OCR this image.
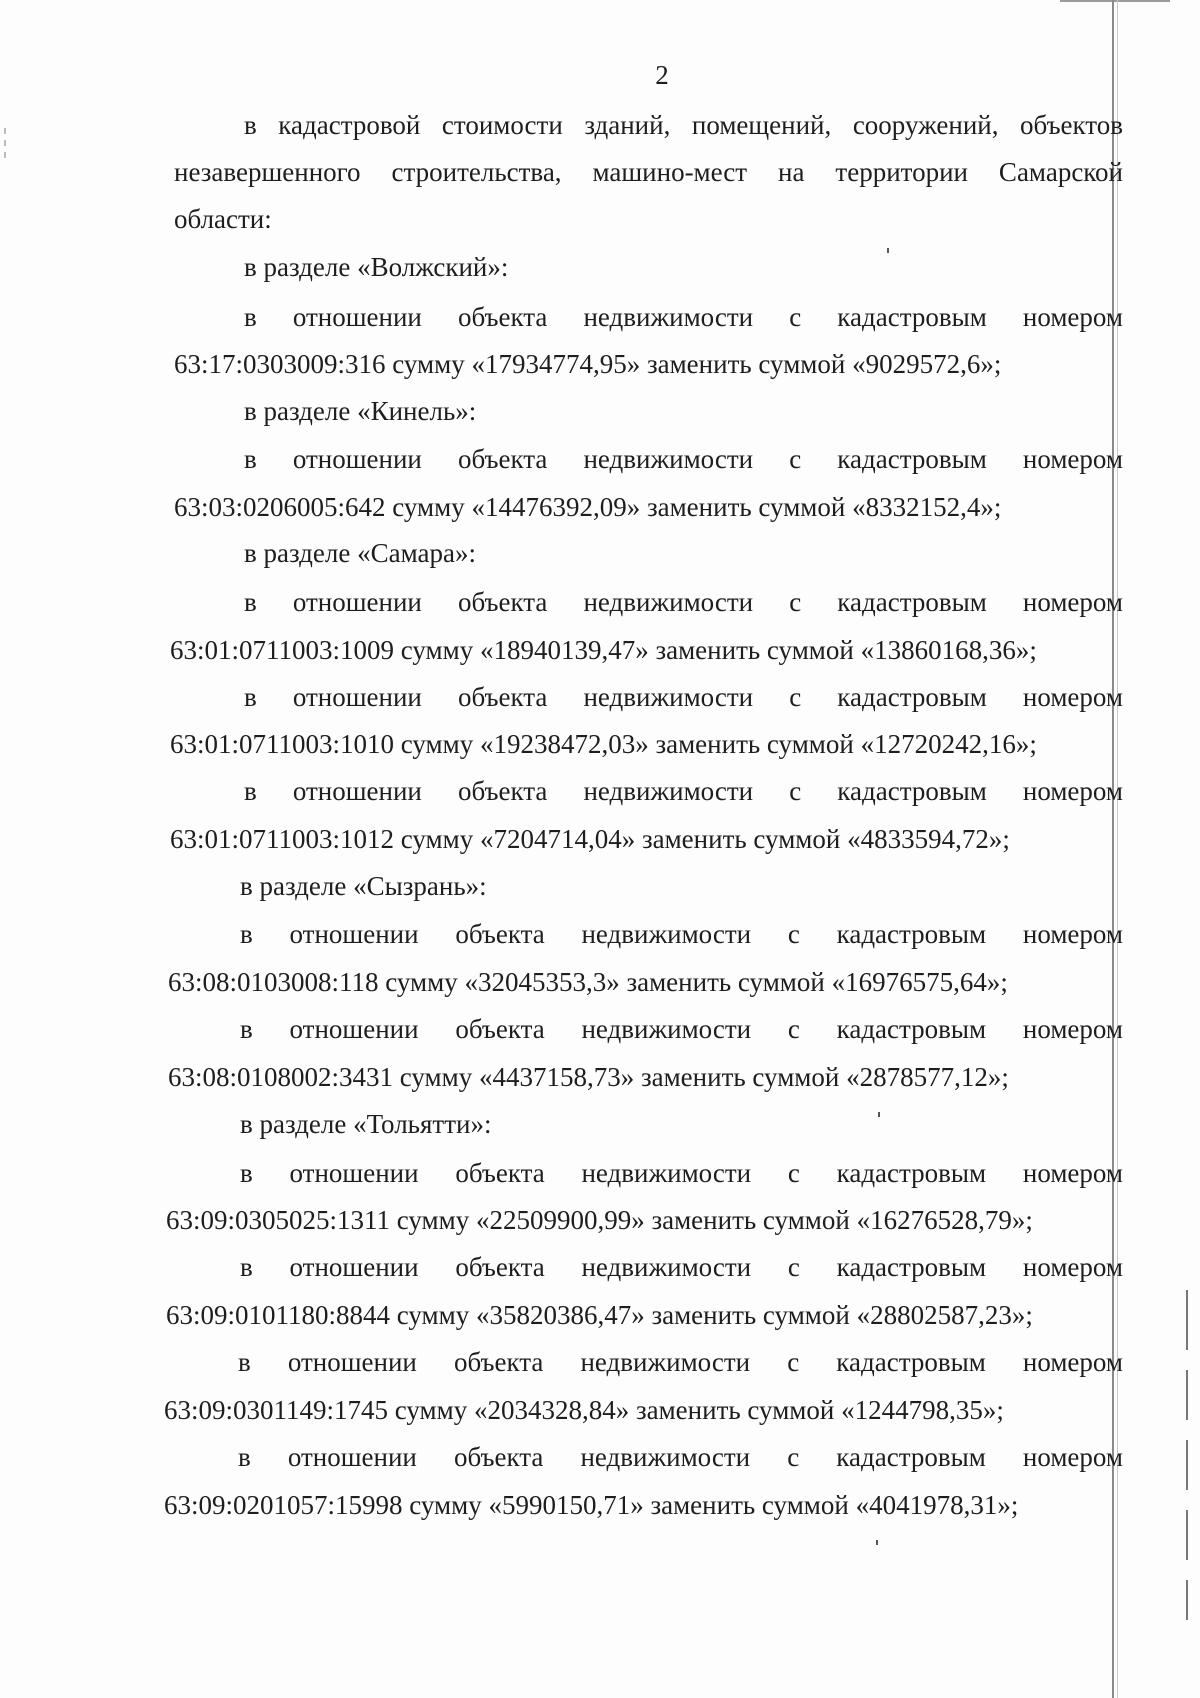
2
в кадастровой стоимости зданий, помещений, сооружений, объектов
незавершенного строительства, машино-мест на территории Самарской
области:
в разделе «Волжский»:
в отношении объекта недвижимости с кадастровым номером
63:17:0303009:316 сумму «17934774,95» заменить суммой «9029572,6»;
в разделе «Кинель»:
в отношении объекта недвижимости с кадастровым номером
63:03:0206005:642 сумму «14476392,09» заменить суммой «8332152,4»;
в разделе «Самара»:
в отношении объекта недвижимости с кадастровым номером
63:01:0711003:1009 сумму «18940139,47» заменить суммой «13860168,36»;
в отношении объекта недвижимости с кадастровым номером
63:01:0711003:1010 сумму «19238472,03» заменить суммой «12720242,16»;
в отношении объекта недвижимости с кадастровым номером
63:01:0711003:1012 сумму «7204714,04» заменить суммой «4833594,72»;
в разделе «Сызрань»:
в отношении объекта недвижимости с кадастровым номером
63:08:0103008:118 сумму «32045353,3» заменить суммой «16976575,64»;
в отношении объекта недвижимости с кадастровым номером
63:08:0108002:3431 сумму «4437158,73» заменить суммой «2878577,12»;
в разделе «Тольятти»:
в отношении объекта недвижимости с кадастровым номером
63:09:0305025:1311 сумму «22509900,99» заменить суммой «16276528,79»;
в отношении объекта недвижимости с кадастровым номером
63:09:0101180:8844 сумму «35820386,47» заменить суммой «28802587,23»;
в отношении объекта недвижимости с кадастровым номером
63:09:0301149:1745 сумму «2034328,84» заменить суммой «1244798,35»;
в отношении объекта недвижимости с кадастровым номером
63:09:0201057:15998 сумму «5990150,71» заменить суммой «4041978,31»;
